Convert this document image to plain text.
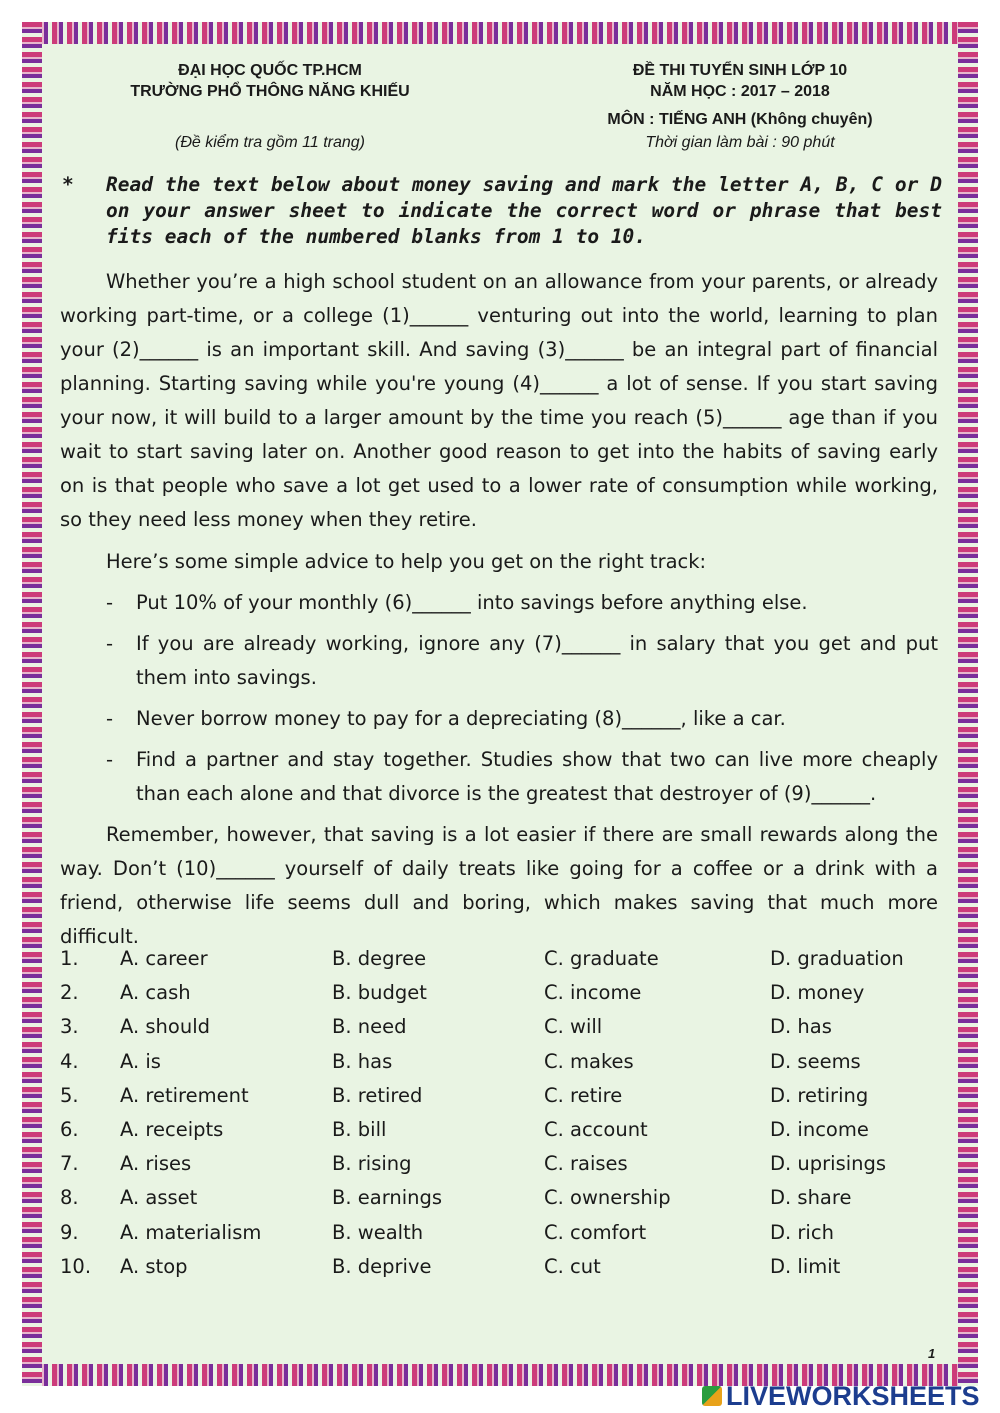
ĐẠI HỌC QUỐC TP.HCM
TRƯỜNG PHỔ THÔNG NĂNG KHIẾU
(Đề kiểm tra gồm 11 trang)
ĐỀ THI TUYỂN SINH LỚP 10
NĂM HỌC : 2017 – 2018
MÔN : TIẾNG ANH (Không chuyên)
Thời gian làm bài : 90 phút
* Read the text below about money saving and mark the letter A, B, C or D on your answer sheet to indicate the correct word or phrase that best fits each of the numbered blanks from 1 to 10.
Whether you’re a high school student on an allowance from your parents, or already working part-time, or a college (1)______ venturing out into the world, learning to plan your (2)______ is an important skill. And saving (3)______ be an integral part of financial planning. Starting saving while you're young (4)______ a lot of sense. If you start saving your now, it will build to a larger amount by the time you reach (5)______ age than if you wait to start saving later on. Another good reason to get into the habits of saving early on is that people who save a lot get used to a lower rate of consumption while working, so they need less money when they retire.
Here’s some simple advice to help you get on the right track:
- Put 10% of your monthly (6)______ into savings before anything else.
- If you are already working, ignore any (7)______ in salary that you get and put them into savings.
- Never borrow money to pay for a depreciating (8)______, like a car.
- Find a partner and stay together. Studies show that two can live more cheaply than each alone and that divorce is the greatest that destroyer of (9)______.
Remember, however, that saving is a lot easier if there are small rewards along the way. Don’t (10)______ yourself of daily treats like going for a coffee or a drink with a friend, otherwise life seems dull and boring, which makes saving that much more difficult.
1. A. career	B. degree	C. graduate	D. graduation
2. A. cash	B. budget	C. income	D. money
3. A. should	B. need	C. will	D. has
4. A. is	B. has	C. makes	D. seems
5. A. retirement	B. retired	C. retire	D. retiring
6. A. receipts	B. bill	C. account	D. income
7. A. rises	B. rising	C. raises	D. uprisings
8. A. asset	B. earnings	C. ownership	D. share
9. A. materialism	B. wealth	C. comfort	D. rich
10. A. stop	B. deprive	C. cut	D. limit
1
LIVEWORKSHEETS
